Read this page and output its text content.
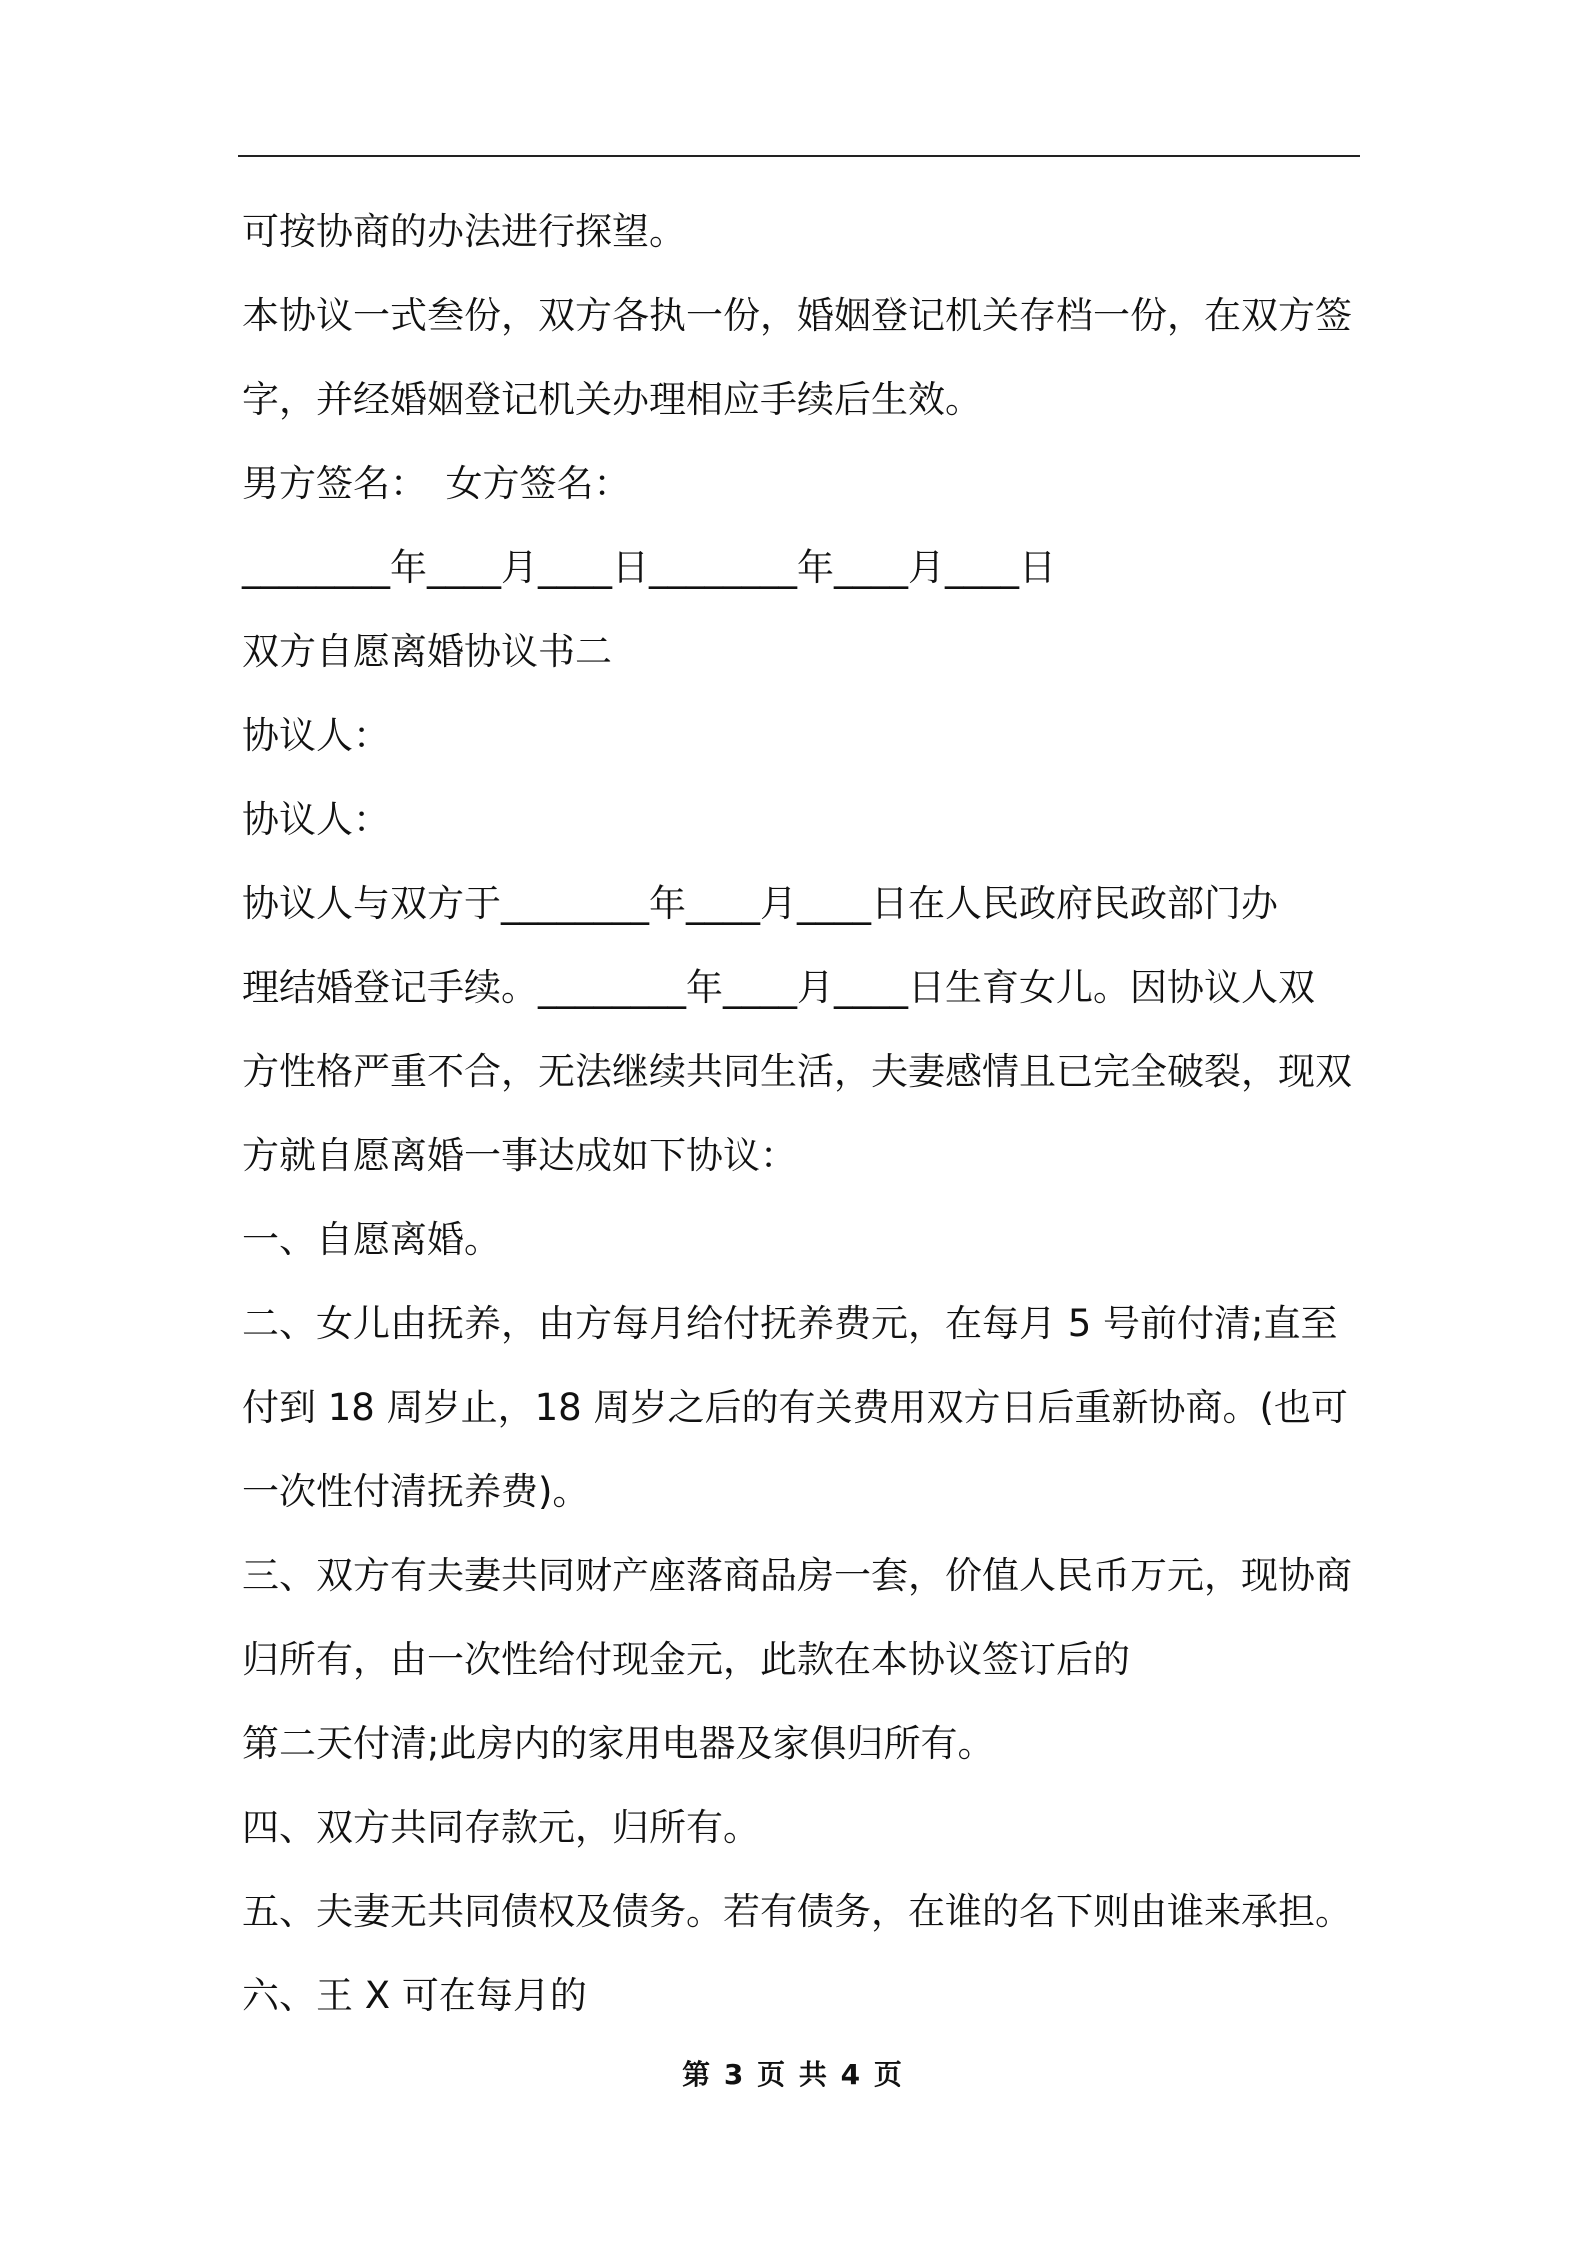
可按协商的办法进行探望。
本协议一式叁份，双方各执一份，婚姻登记机关存档一份，在双方签
字，并经婚姻登记机关办理相应手续后生效。
男方签名：　女方签名：
________年____月____日________年____月____日
双方自愿离婚协议书二
协议人：
协议人：
协议人与双方于________年____月____日在人民政府民政部门办
理结婚登记手续。________年____月____日生育女儿。因协议人双
方性格严重不合，无法继续共同生活，夫妻感情且已完全破裂，现双
方就自愿离婚一事达成如下协议：
一、自愿离婚。
二、女儿由抚养，由方每月给付抚养费元，在每月 5 号前付清;直至
付到 18 周岁止，18 周岁之后的有关费用双方日后重新协商。(也可
一次性付清抚养费)。
三、双方有夫妻共同财产座落商品房一套，价值人民币万元，现协商
归所有，由一次性给付现金元，此款在本协议签订后的
第二天付清;此房内的家用电器及家俱归所有。
四、双方共同存款元，归所有。
五、夫妻无共同债权及债务。若有债务，在谁的名下则由谁来承担。
六、王 X 可在每月的
第 3 页 共 4 页
